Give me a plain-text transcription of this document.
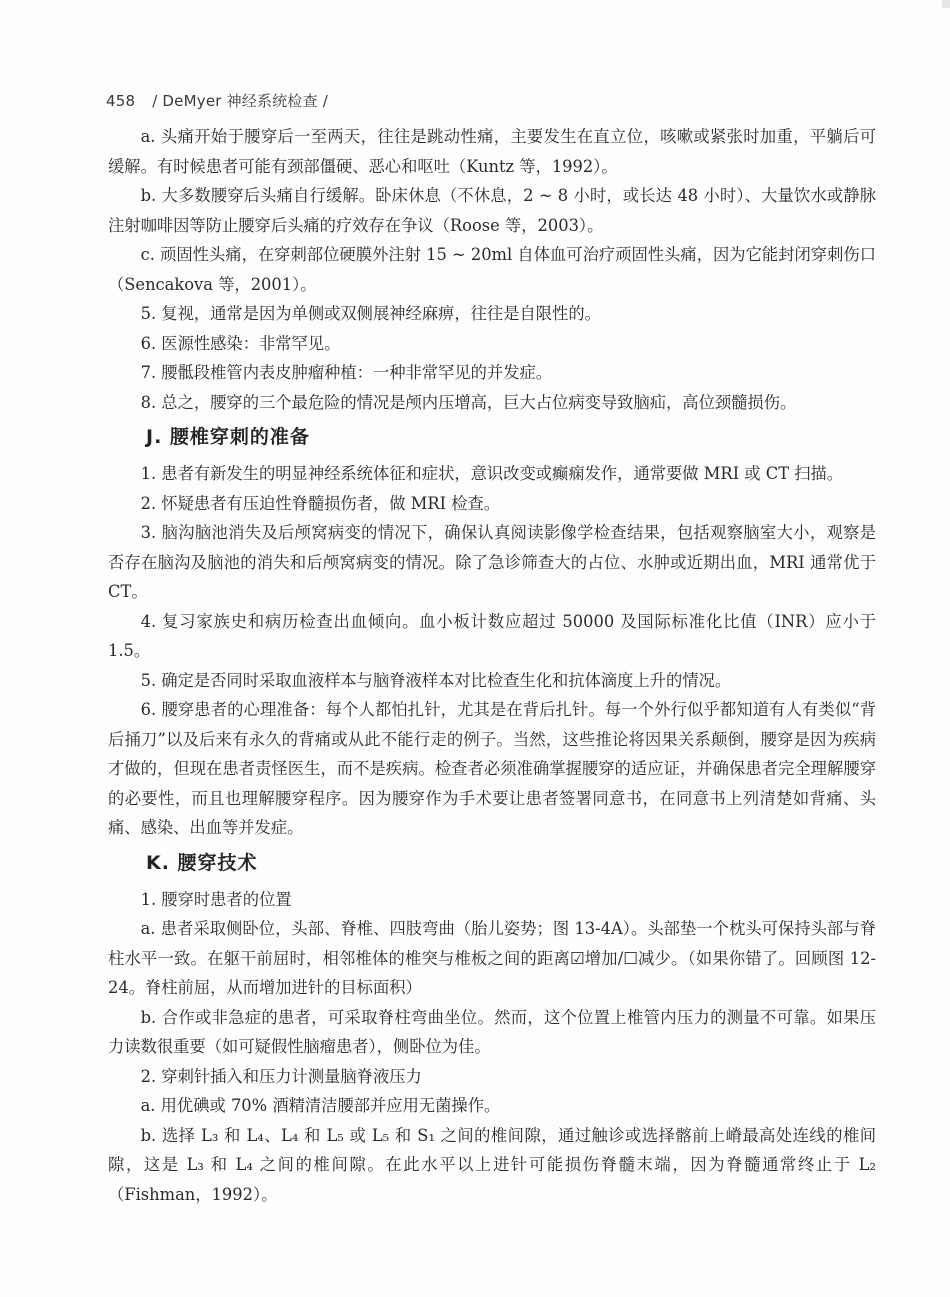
458 / DeMyer 神经系统检查 /

a. 头痛开始于腰穿后一至两天，往往是跳动性痛，主要发生在直立位，咳嗽或紧张时加重，平躺后可缓解。有时候患者可能有颈部僵硬、恶心和呕吐（Kuntz 等，1992）。

b. 大多数腰穿后头痛自行缓解。卧床休息（不休息，2 ~ 8 小时，或长达 48 小时）、大量饮水或静脉注射咖啡因等防止腰穿后头痛的疗效存在争议（Roose 等，2003）。

c. 顽固性头痛，在穿刺部位硬膜外注射 15 ~ 20ml 自体血可治疗顽固性头痛，因为它能封闭穿刺伤口（Sencakova 等，2001）。

5. 复视，通常是因为单侧或双侧展神经麻痹，往往是自限性的。

6. 医源性感染：非常罕见。

7. 腰骶段椎管内表皮肿瘤种植：一种非常罕见的并发症。

8. 总之，腰穿的三个最危险的情况是颅内压增高，巨大占位病变导致脑疝，高位颈髓损伤。

J. 腰椎穿刺的准备

1. 患者有新发生的明显神经系统体征和症状，意识改变或癫痫发作，通常要做 MRI 或 CT 扫描。

2. 怀疑患者有压迫性脊髓损伤者，做 MRI 检查。

3. 脑沟脑池消失及后颅窝病变的情况下，确保认真阅读影像学检查结果，包括观察脑室大小，观察是否存在脑沟及脑池的消失和后颅窝病变的情况。除了急诊筛查大的占位、水肿或近期出血，MRI 通常优于 CT。

4. 复习家族史和病历检查出血倾向。血小板计数应超过 50000 及国际标准化比值（INR）应小于 1.5。

5. 确定是否同时采取血液样本与脑脊液样本对比检查生化和抗体滴度上升的情况。

6. 腰穿患者的心理准备：每个人都怕扎针，尤其是在背后扎针。每一个外行似乎都知道有人有类似“背后捅刀”以及后来有永久的背痛或从此不能行走的例子。当然，这些推论将因果关系颠倒，腰穿是因为疾病才做的，但现在患者责怪医生，而不是疾病。检查者必须准确掌握腰穿的适应证，并确保患者完全理解腰穿的必要性，而且也理解腰穿程序。因为腰穿作为手术要让患者签署同意书，在同意书上列清楚如背痛、头痛、感染、出血等并发症。

K. 腰穿技术

1. 腰穿时患者的位置

a. 患者采取侧卧位，头部、脊椎、四肢弯曲（胎儿姿势；图 13-4A）。头部垫一个枕头可保持头部与脊柱水平一致。在躯干前屈时，相邻椎体的椎突与椎板之间的距离☑增加/☐减少。（如果你错了。回顾图 12-24。脊柱前屈，从而增加进针的目标面积）

b. 合作或非急症的患者，可采取脊柱弯曲坐位。然而，这个位置上椎管内压力的测量不可靠。如果压力读数很重要（如可疑假性脑瘤患者），侧卧位为佳。

2. 穿刺针插入和压力计测量脑脊液压力

a. 用优碘或 70% 酒精清洁腰部并应用无菌操作。

b. 选择 L₃ 和 L₄、L₄ 和 L₅ 或 L₅ 和 S₁ 之间的椎间隙，通过触诊或选择髂前上嵴最高处连线的椎间隙，这是 L₃ 和 L₄ 之间的椎间隙。在此水平以上进针可能损伤脊髓末端，因为脊髓通常终止于 L₂（Fishman，1992）。
